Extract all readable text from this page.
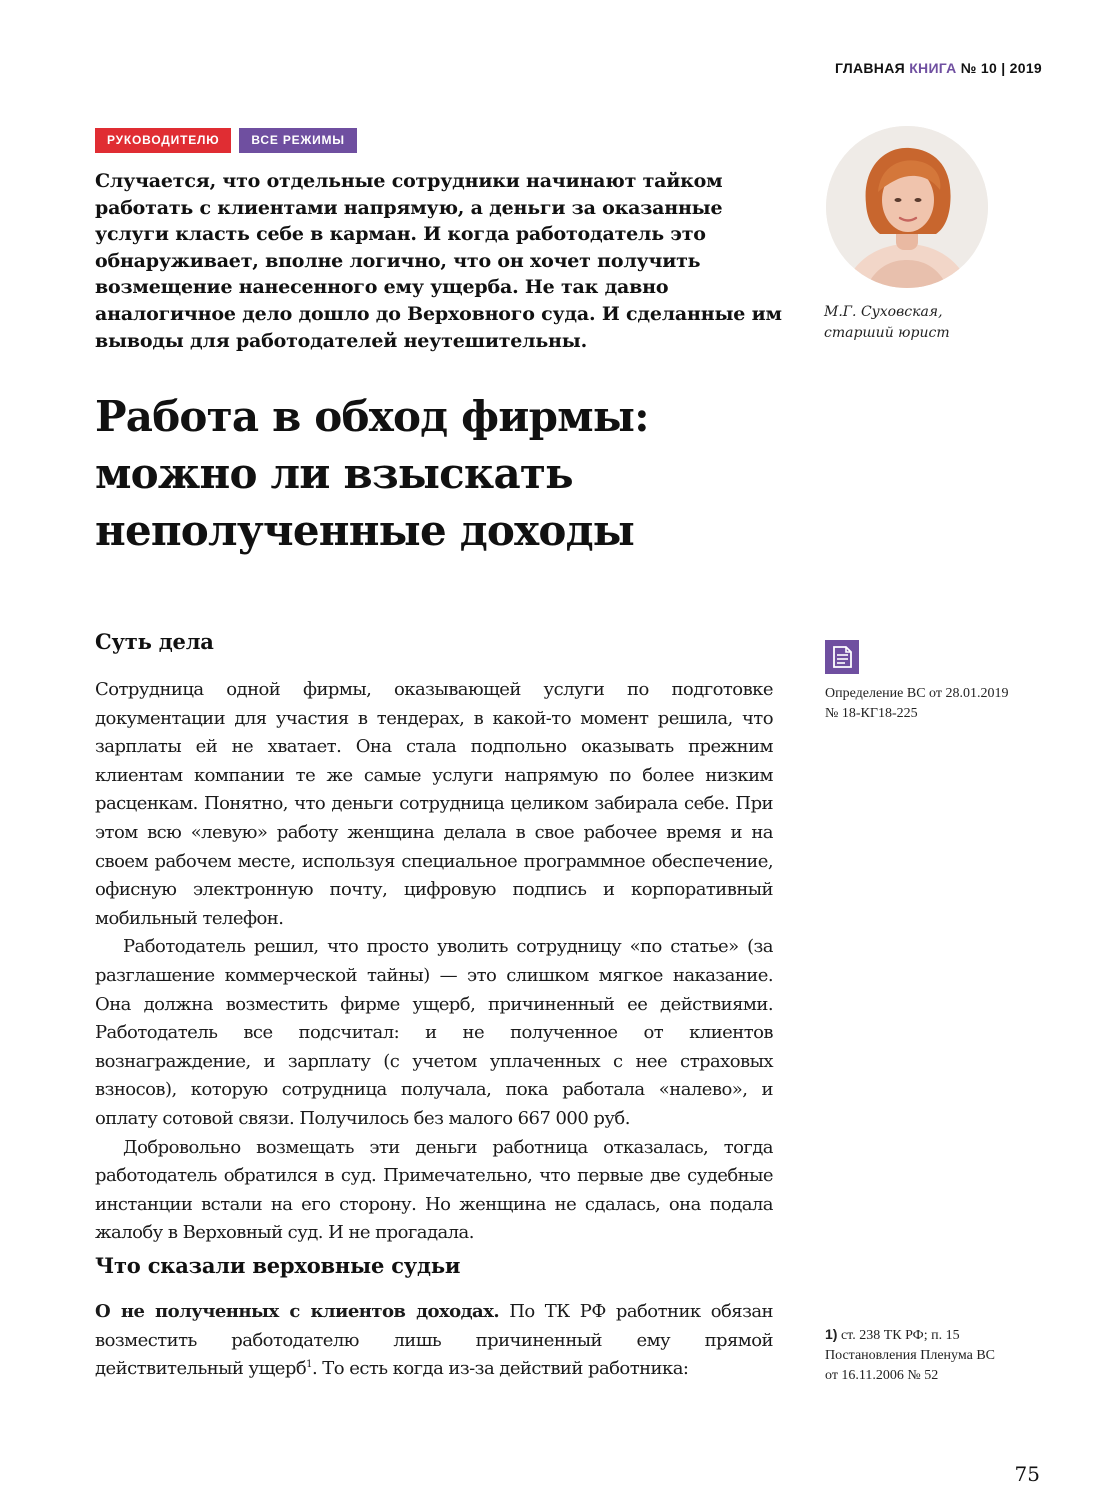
ГЛАВНАЯ КНИГА № 10 | 2019
РУКОВОДИТЕЛЮ	ВСЕ РЕЖИМЫ

Случается, что отдельные сотрудники начинают тайком работать с клиентами напрямую, а деньги за оказанные услуги класть себе в карман. И когда работодатель это обнаруживает, вполне логично, что он хочет получить возмещение нанесенного ему ущерба. Не так давно аналогичное дело дошло до Верховного суда. И сделанные им выводы для работодателей неутешительны.

М.Г. Суховская,
старший юрист
Работа в обход фирмы: можно ли взыскать неполученные доходы
Суть дела

Сотрудница одной фирмы, оказывающей услуги по подготовке документации для участия в тендерах, в какой-то момент решила, что зарплаты ей не хватает. Она стала подпольно оказывать прежним клиентам компании те же самые услуги напрямую по более низким расценкам. Понятно, что деньги сотрудница целиком забирала себе. При этом всю «левую» работу женщина делала в свое рабочее время и на своем рабочем месте, используя специальное программное обеспечение, офисную электронную почту, цифровую подпись и корпоративный мобильный телефон.

Работодатель решил, что просто уволить сотрудницу «по статье» (за разглашение коммерческой тайны) — это слишком мягкое наказание. Она должна возместить фирме ущерб, причиненный ее действиями. Работодатель все подсчитал: и не полученное от клиентов вознаграждение, и зарплату (с учетом уплаченных с нее страховых взносов), которую сотрудница получала, пока работала «налево», и оплату сотовой связи. Получилось без малого 667 000 руб.

Добровольно возмещать эти деньги работница отказалась, тогда работодатель обратился в суд. Примечательно, что первые две судебные инстанции встали на его сторону. Но женщина не сдалась, она подала жалобу в Верховный суд. И не прогадала.

Что сказали верховные судьи

О не полученных с клиентов доходах. По ТК РФ работник обязан возместить работодателю лишь причиненный ему прямой действительный ущерб$^1$. То есть когда из-за действий работника:

Определение ВС от 28.01.2019
№ 18-КГ18-225
1) ст. 238 ТК РФ; п. 15
Постановления Пленума ВС
от 16.11.2006 № 52
75
